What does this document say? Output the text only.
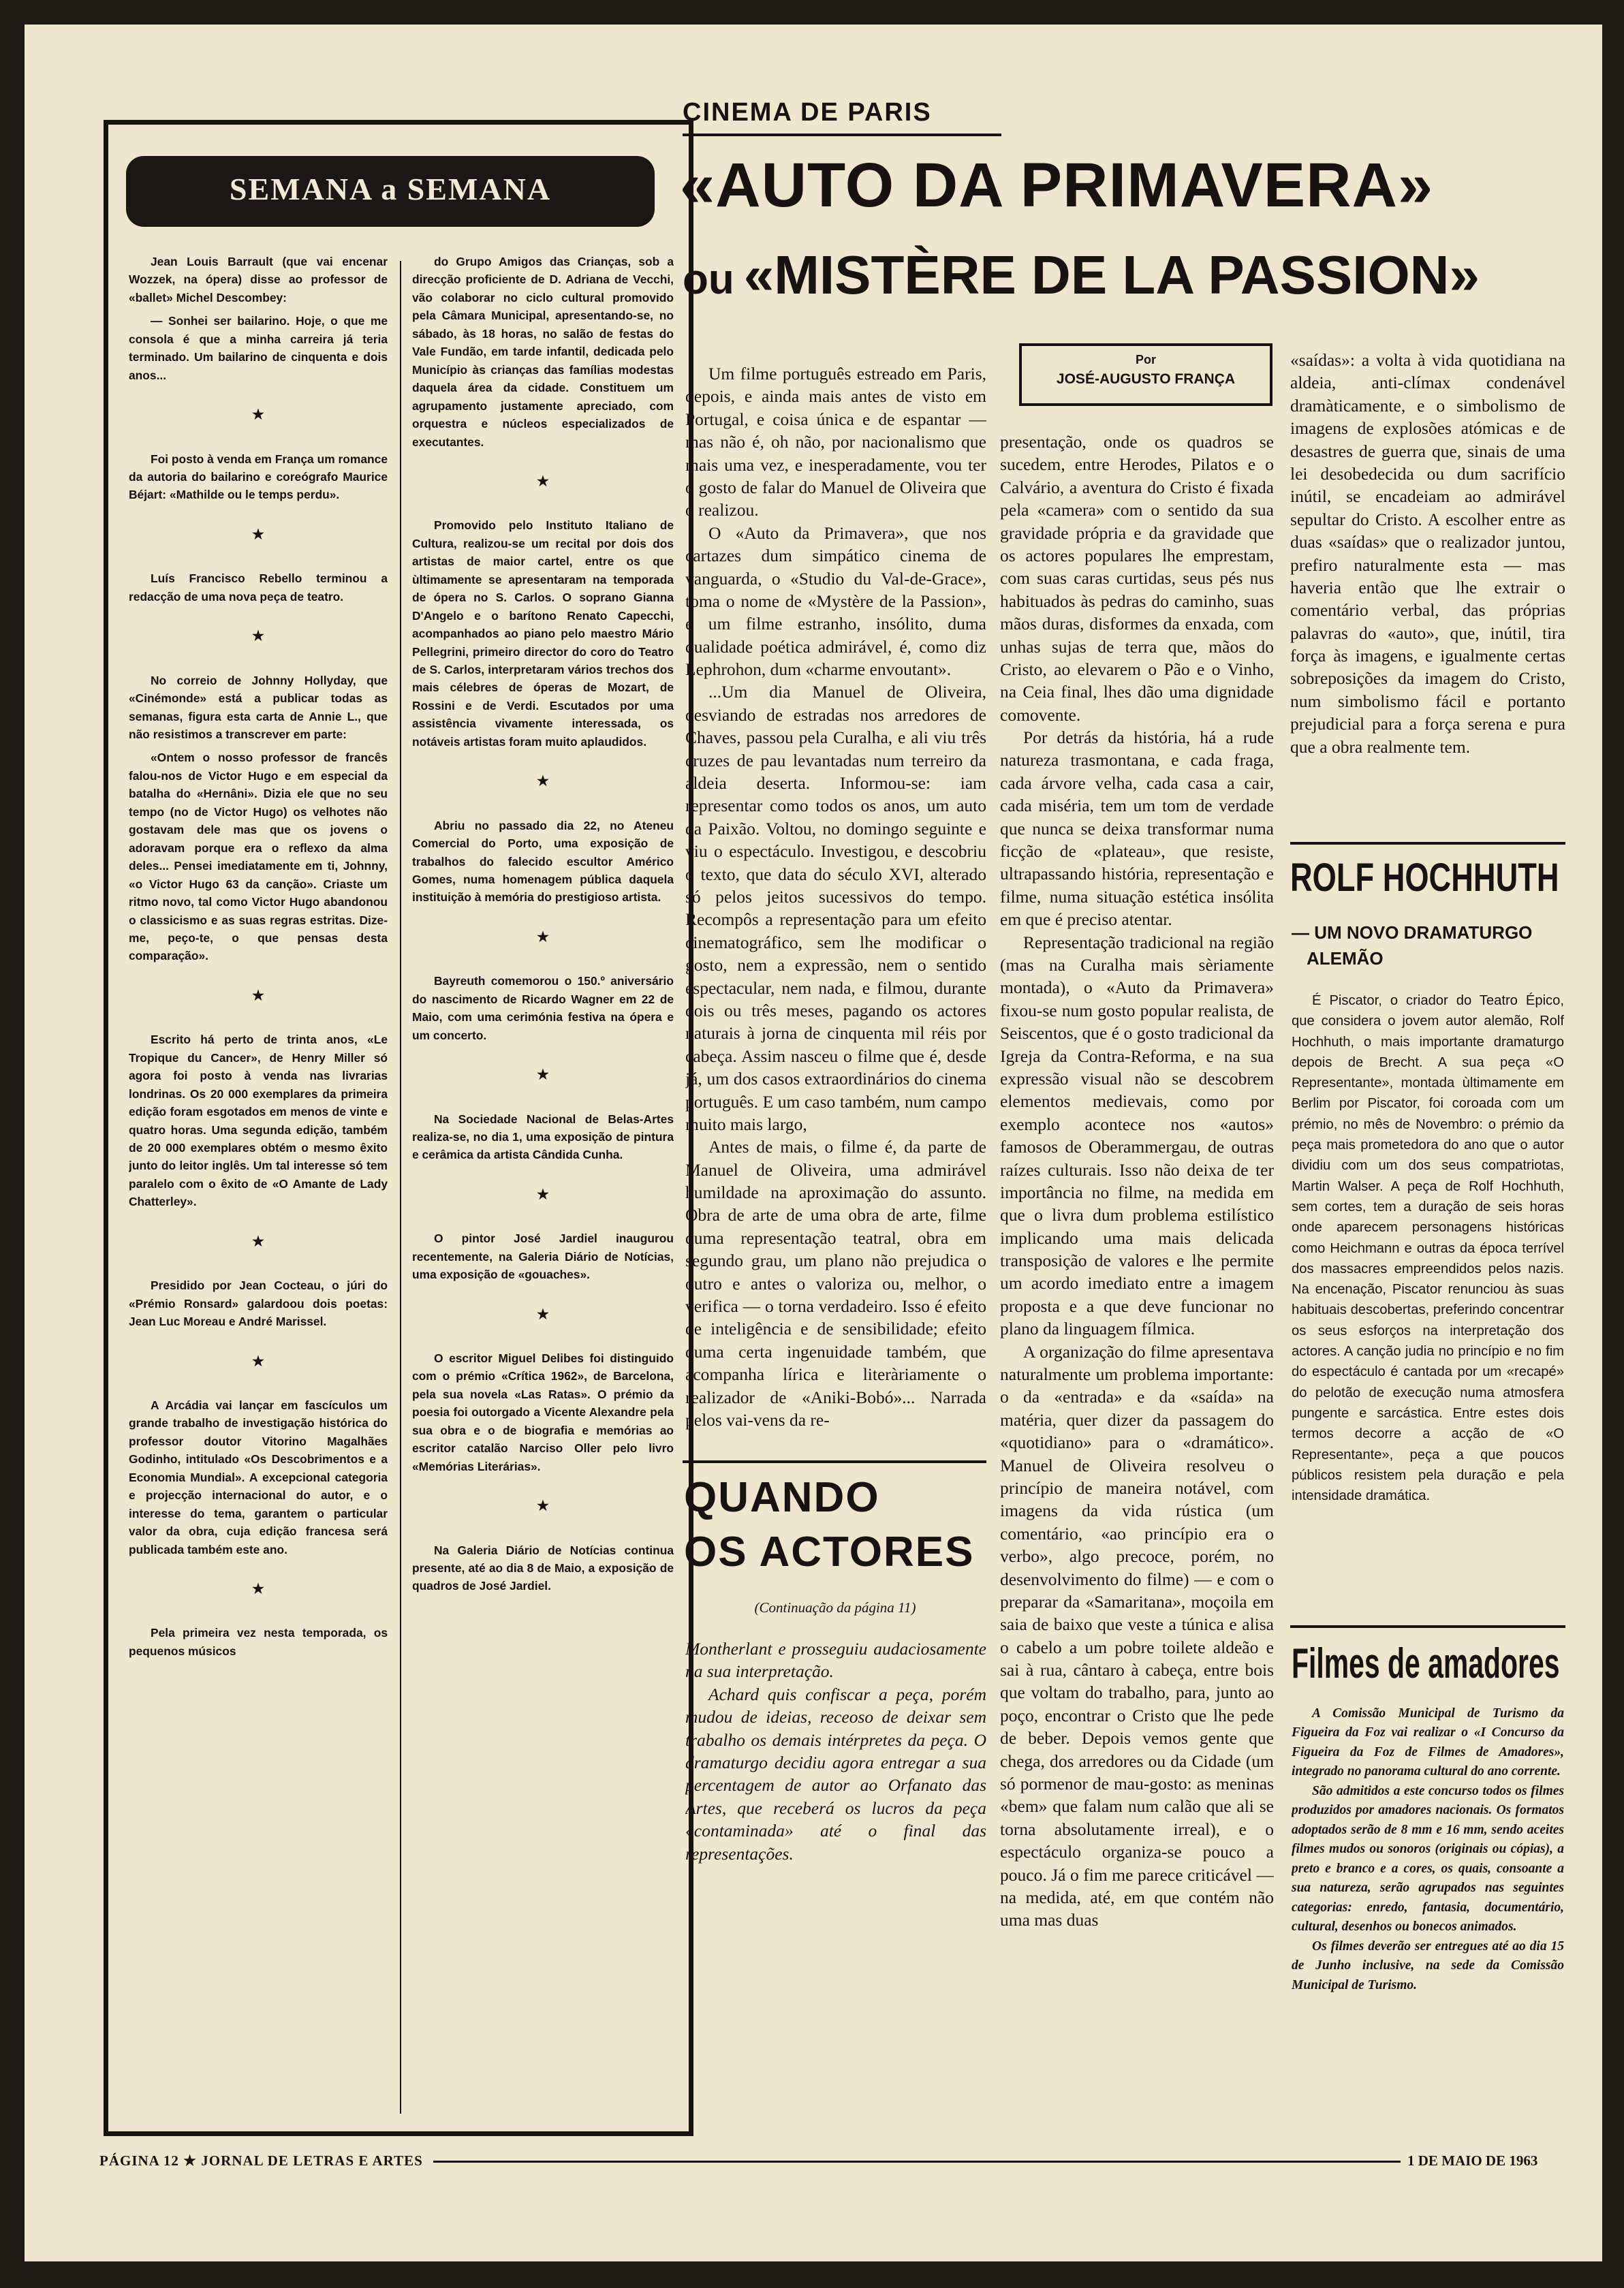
SEMANA a SEMANA

Jean Louis Barrault (que vai encenar Wozzek, na ópera) disse ao professor de «ballet» Michel Descombey:

— Sonhei ser bailarino. Hoje, o que me consola é que a minha carreira já teria terminado. Um bailarino de cinquenta e dois anos...

★

Foi posto à venda em França um romance da autoria do bailarino e coreógrafo Maurice Béjart: «Mathilde ou le temps perdu».

★

Luís Francisco Rebello terminou a redacção de uma nova peça de teatro.

★

No correio de Johnny Hollyday, que «Cinémonde» está a publicar todas as semanas, figura esta carta de Annie L., que não resistimos a transcrever em parte:

«Ontem o nosso professor de francês falou-nos de Victor Hugo e em especial da batalha do «Hernâni». Dizia ele que no seu tempo (no de Victor Hugo) os velhotes não gostavam dele mas que os jovens o adoravam porque era o reflexo da alma deles... Pensei imediatamente em ti, Johnny, «o Victor Hugo 63 da canção». Criaste um ritmo novo, tal como Victor Hugo abandonou o classicismo e as suas regras estritas. Dize-me, peço-te, o que pensas desta comparação».

★

Escrito há perto de trinta anos, «Le Tropique du Cancer», de Henry Miller só agora foi posto à venda nas livrarias londrinas. Os 20 000 exemplares da primeira edição foram esgotados em menos de vinte e quatro horas. Uma segunda edição, também de 20 000 exemplares obtém o mesmo êxito junto do leitor inglês. Um tal interesse só tem paralelo com o êxito de «O Amante de Lady Chatterley».

★

Presidido por Jean Cocteau, o júri do «Prémio Ronsard» galardoou dois poetas: Jean Luc Moreau e André Marissel.

★

A Arcádia vai lançar em fascículos um grande trabalho de investigação histórica do professor doutor Vitorino Magalhães Godinho, intitulado «Os Descobrimentos e a Economia Mundial». A excepcional categoria e projecção internacional do autor, e o interesse do tema, garantem o particular valor da obra, cuja edição francesa será publicada também este ano.

★

Pela primeira vez nesta temporada, os pequenos músicos

do Grupo Amigos das Crianças, sob a direcção proficiente de D. Adriana de Vecchi, vão colaborar no ciclo cultural promovido pela Câmara Municipal, apresentando-se, no sábado, às 18 horas, no salão de festas do Vale Fundão, em tarde infantil, dedicada pelo Município às crianças das famílias modestas daquela área da cidade. Constituem um agrupamento justamente apreciado, com orquestra e núcleos especializados de executantes.

★

Promovido pelo Instituto Italiano de Cultura, realizou-se um recital por dois dos artistas de maior cartel, entre os que ùltimamente se apresentaram na temporada de ópera no S. Carlos. O soprano Gianna D'Angelo e o barítono Renato Capecchi, acompanhados ao piano pelo maestro Mário Pellegrini, primeiro director do coro do Teatro de S. Carlos, interpretaram vários trechos dos mais célebres de óperas de Mozart, de Rossini e de Verdi. Escutados por uma assistência vivamente interessada, os notáveis artistas foram muito aplaudidos.

★

Abriu no passado dia 22, no Ateneu Comercial do Porto, uma exposição de trabalhos do falecido escultor Américo Gomes, numa homenagem pública daquela instituição à memória do prestigioso artista.

★

Bayreuth comemorou o 150.º aniversário do nascimento de Ricardo Wagner em 22 de Maio, com uma cerimónia festiva na ópera e um concerto.

★

Na Sociedade Nacional de Belas-Artes realiza-se, no dia 1, uma exposição de pintura e cerâmica da artista Cândida Cunha.

★

O pintor José Jardiel inaugurou recentemente, na Galeria Diário de Notícias, uma exposição de «gouaches».

★

O escritor Miguel Delibes foi distinguido com o prémio «Crítica 1962», de Barcelona, pela sua novela «Las Ratas». O prémio da poesia foi outorgado a Vicente Alexandre pela sua obra e o de biografia e memórias ao escritor catalão Narciso Oller pelo livro «Memórias Literárias».

★

Na Galeria Diário de Notícias continua presente, até ao dia 8 de Maio, a exposição de quadros de José Jardiel.

CINEMA DE PARIS
«AUTO DA PRIMAVERA»
ou «MISTÈRE DE LA PASSION»
Por
JOSÉ-AUGUSTO FRANÇA

Um filme português estreado em Paris, depois, e ainda mais antes de visto em Portugal, e coisa única e de espantar — mas não é, oh não, por nacionalismo que mais uma vez, e inesperadamente, vou ter o gosto de falar do Manuel de Oliveira que o realizou.

O «Auto da Primavera», que nos cartazes dum simpático cinema de vanguarda, o «Studio du Val-de-Grace», toma o nome de «Mystère de la Passion», é um filme estranho, insólito, duma qualidade poética admirável, é, como diz Lephrohon, dum «charme envoutant».

...Um dia Manuel de Oliveira, desviando de estradas nos arredores de Chaves, passou pela Curalha, e ali viu três cruzes de pau levantadas num terreiro da aldeia deserta. Informou-se: iam representar como todos os anos, um auto da Paixão. Voltou, no domingo seguinte e viu o espectáculo. Investigou, e descobriu o texto, que data do século XVI, alterado só pelos jeitos sucessivos do tempo. Recompôs a representação para um efeito cinematográfico, sem lhe modificar o gosto, nem a expressão, nem o sentido espectacular, nem nada, e filmou, durante dois ou três meses, pagando os actores naturais à jorna de cinquenta mil réis por cabeça. Assim nasceu o filme que é, desde já, um dos casos extraordinários do cinema português. E um caso também, num campo muito mais largo,

Antes de mais, o filme é, da parte de Manuel de Oliveira, uma admirável humildade na aproximação do assunto. Obra de arte de uma obra de arte, filme duma representação teatral, obra em segundo grau, um plano não prejudica o outro e antes o valoriza ou, melhor, o verifica — o torna verdadeiro. Isso é efeito de inteligência e de sensibilidade; efeito duma certa ingenuidade também, que acompanha lírica e literàriamente o realizador de «Aniki-Bobó»... Narrada pelos vai-vens da re-

presentação, onde os quadros se sucedem, entre Herodes, Pilatos e o Calvário, a aventura do Cristo é fixada pela «camera» com o sentido da sua gravidade própria e da gravidade que os actores populares lhe emprestam, com suas caras curtidas, seus pés nus habituados às pedras do caminho, suas mãos duras, disformes da enxada, com unhas sujas de terra que, mãos do Cristo, ao elevarem o Pão e o Vinho, na Ceia final, lhes dão uma dignidade comovente.

Por detrás da história, há a rude natureza trasmontana, e cada fraga, cada árvore velha, cada casa a cair, cada miséria, tem um tom de verdade que nunca se deixa transformar numa ficção de «plateau», que resiste, ultrapassando história, representação e filme, numa situação estética insólita em que é preciso atentar.

Representação tradicional na região (mas na Curalha mais sèriamente montada), o «Auto da Primavera» fixou-se num gosto popular realista, de Seiscentos, que é o gosto tradicional da Igreja da Contra-Reforma, e na sua expressão visual não se descobrem elementos medievais, como por exemplo acontece nos «autos» famosos de Oberammergau, de outras raízes culturais. Isso não deixa de ter importância no filme, na medida em que o livra dum problema estilístico implicando uma mais delicada transposição de valores e lhe permite um acordo imediato entre a imagem proposta e a que deve funcionar no plano da linguagem fílmica.

A organização do filme apresentava naturalmente um problema importante: o da «entrada» e da «saída» na matéria, quer dizer da passagem do «quotidiano» para o «dramático». Manuel de Oliveira resolveu o princípio de maneira notável, com imagens da vida rústica (um comentário, «ao princípio era o verbo», algo precoce, porém, no desenvolvimento do filme) — e com o preparar da «Samaritana», moçoila em saia de baixo que veste a túnica e alisa o cabelo a um pobre toilete aldeão e sai à rua, cântaro à cabeça, entre bois que voltam do trabalho, para, junto ao poço, encontrar o Cristo que lhe pede de beber. Depois vemos gente que chega, dos arredores ou da Cidade (um só pormenor de mau-gosto: as meninas «bem» que falam num calão que ali se torna absolutamente irreal), e o espectáculo organiza-se pouco a pouco. Já o fim me parece criticável — na medida, até, em que contém não uma mas duas

«saídas»: a volta à vida quotidiana na aldeia, anti-clímax condenável dramàticamente, e o simbolismo de imagens de explosões atómicas e de desastres de guerra que, sinais de uma lei desobedecida ou dum sacrifício inútil, se encadeiam ao admirável sepultar do Cristo. A escolher entre as duas «saídas» que o realizador juntou, prefiro naturalmente esta — mas haveria então que lhe extrair o comentário verbal, das próprias palavras do «auto», que, inútil, tira força às imagens, e igualmente certas sobreposições da imagem do Cristo, num simbolismo fácil e portanto prejudicial para a força serena e pura que a obra realmente tem.

QUANDO
OS ACTORES
(Continuação da página 11)

Montherlant e prosseguiu audaciosamente na sua interpretação.

Achard quis confiscar a peça, porém mudou de ideias, receoso de deixar sem trabalho os demais intérpretes da peça. O dramaturgo decidiu agora entregar a sua percentagem de autor ao Orfanato das Artes, que receberá os lucros da peça «contaminada» até o final das representações.

ROLF HOCHHUTH
— UM NOVO DRAMATURGO
ALEMÃO

É Piscator, o criador do Teatro Épico, que considera o jovem autor alemão, Rolf Hochhuth, o mais importante dramaturgo depois de Brecht. A sua peça «O Representante», montada ùltimamente em Berlim por Piscator, foi coroada com um prémio, no mês de Novembro: o prémio da peça mais prometedora do ano que o autor dividiu com um dos seus compatriotas, Martin Walser. A peça de Rolf Hochhuth, sem cortes, tem a duração de seis horas onde aparecem personagens históricas como Heichmann e outras da época terrível dos massacres empreendidos pelos nazis. Na encenação, Piscator renunciou às suas habituais descobertas, preferindo concentrar os seus esforços na interpretação dos actores. A canção judia no princípio e no fim do espectáculo é cantada por um «recapé» do pelotão de execução numa atmosfera pungente e sarcástica. Entre estes dois termos decorre a acção de «O Representante», peça a que poucos públicos resistem pela duração e pela intensidade dramática.

Filmes de amadores

A Comissão Municipal de Turismo da Figueira da Foz vai realizar o «I Concurso da Figueira da Foz de Filmes de Amadores», integrado no panorama cultural do ano corrente.

São admitidos a este concurso todos os filmes produzidos por amadores nacionais. Os formatos adoptados serão de 8 mm e 16 mm, sendo aceites filmes mudos ou sonoros (originais ou cópias), a preto e branco e a cores, os quais, consoante a sua natureza, serão agrupados nas seguintes categorias: enredo, fantasia, documentário, cultural, desenhos ou bonecos animados.

Os filmes deverão ser entregues até ao dia 15 de Junho inclusive, na sede da Comissão Municipal de Turismo.

PÁGINA 12 ★ JORNAL DE LETRAS E ARTES	1 DE MAIO DE 1963
